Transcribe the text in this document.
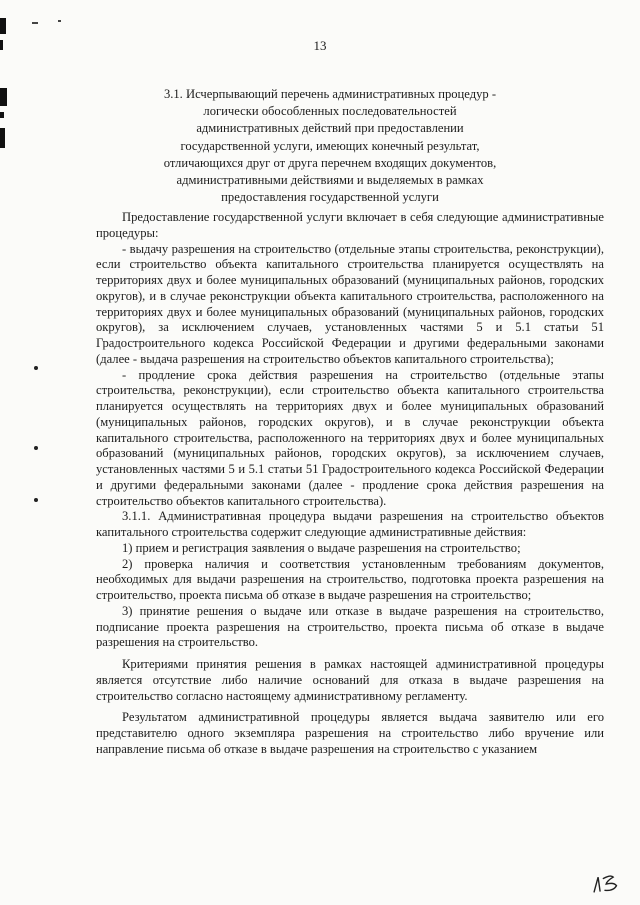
13
3.1. Исчерпывающий перечень административных процедур -
логически обособленных последовательностей
административных действий при предоставлении
государственной услуги, имеющих конечный результат,
отличающихся друг от друга перечнем входящих документов,
административными действиями и выделяемых в рамках
предоставления государственной услуги

Предоставление государственной услуги включает в себя следующие административные процедуры:

- выдачу разрешения на строительство (отдельные этапы строительства, реконструкции), если строительство объекта капитального строительства планируется осуществлять на территориях двух и более муниципальных образований (муниципальных районов, городских округов), и в случае реконструкции объекта капитального строительства, расположенного на территориях двух и более муниципальных образований (муниципальных районов, городских округов), за исключением случаев, установленных частями 5 и 5.1 статьи 51 Градостроительного кодекса Российской Федерации и другими федеральными законами (далее - выдача разрешения на строительство объектов капитального строительства);

- продление срока действия разрешения на строительство (отдельные этапы строительства, реконструкции), если строительство объекта капитального строительства планируется осуществлять на территориях двух и более муниципальных образований (муниципальных районов, городских округов), и в случае реконструкции объекта капитального строительства, расположенного на территориях двух и более муниципальных образований (муниципальных районов, городских округов), за исключением случаев, установленных частями 5 и 5.1 статьи 51 Градостроительного кодекса Российской Федерации и другими федеральными законами (далее - продление срока действия разрешения на строительство объектов капитального строительства).

3.1.1. Административная процедура выдачи разрешения на строительство объектов капитального строительства содержит следующие административные действия:

1) прием и регистрация заявления о выдаче разрешения на строительство;

2) проверка наличия и соответствия установленным требованиям документов, необходимых для выдачи разрешения на строительство, подготовка проекта разрешения на строительство, проекта письма об отказе в выдаче разрешения на строительство;

3) принятие решения о выдаче или отказе в выдаче разрешения на строительство, подписание проекта разрешения на строительство, проекта письма об отказе в выдаче разрешения на строительство.

Критериями принятия решения в рамках настоящей административной процедуры является отсутствие либо наличие оснований для отказа в выдаче разрешения на строительство согласно настоящему административному регламенту.

Результатом административной процедуры является выдача заявителю или его представителю одного экземпляра разрешения на строительство либо вручение или направление письма об отказе в выдаче разрешения на строительство с указанием
